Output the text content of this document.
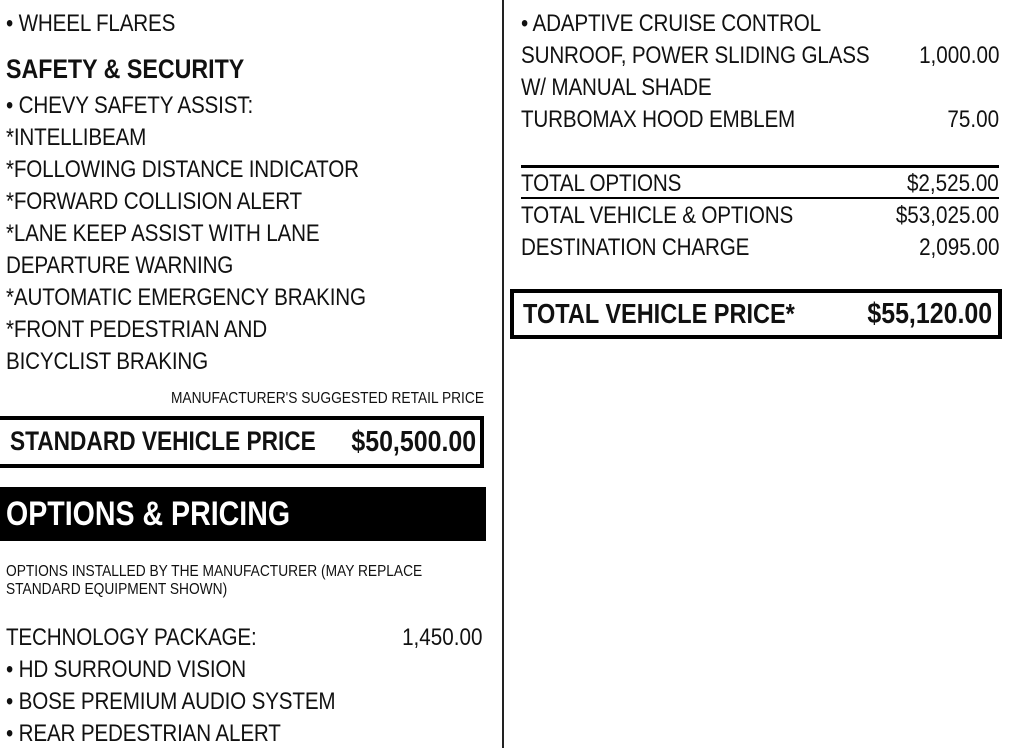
• WHEEL FLARES
SAFETY & SECURITY
• CHEVY SAFETY ASSIST:
*INTELLIBEAM
*FOLLOWING DISTANCE INDICATOR
*FORWARD COLLISION ALERT
*LANE KEEP ASSIST WITH LANE
DEPARTURE WARNING
*AUTOMATIC EMERGENCY BRAKING
*FRONT PEDESTRIAN AND
BICYCLIST BRAKING
MANUFACTURER'S SUGGESTED RETAIL PRICE
STANDARD VEHICLE PRICE $50,500.00
OPTIONS & PRICING
OPTIONS INSTALLED BY THE MANUFACTURER (MAY REPLACE
STANDARD EQUIPMENT SHOWN)
TECHNOLOGY PACKAGE:	1,450.00
• HD SURROUND VISION
• BOSE PREMIUM AUDIO SYSTEM
• REAR PEDESTRIAN ALERT
• ADAPTIVE CRUISE CONTROL
SUNROOF, POWER SLIDING GLASS 1,000.00
W/ MANUAL SHADE
TURBOMAX HOOD EMBLEM	75.00
TOTAL OPTIONS	$2,525.00
TOTAL VEHICLE & OPTIONS	$53,025.00
DESTINATION CHARGE	2,095.00
TOTAL VEHICLE PRICE* $55,120.00
